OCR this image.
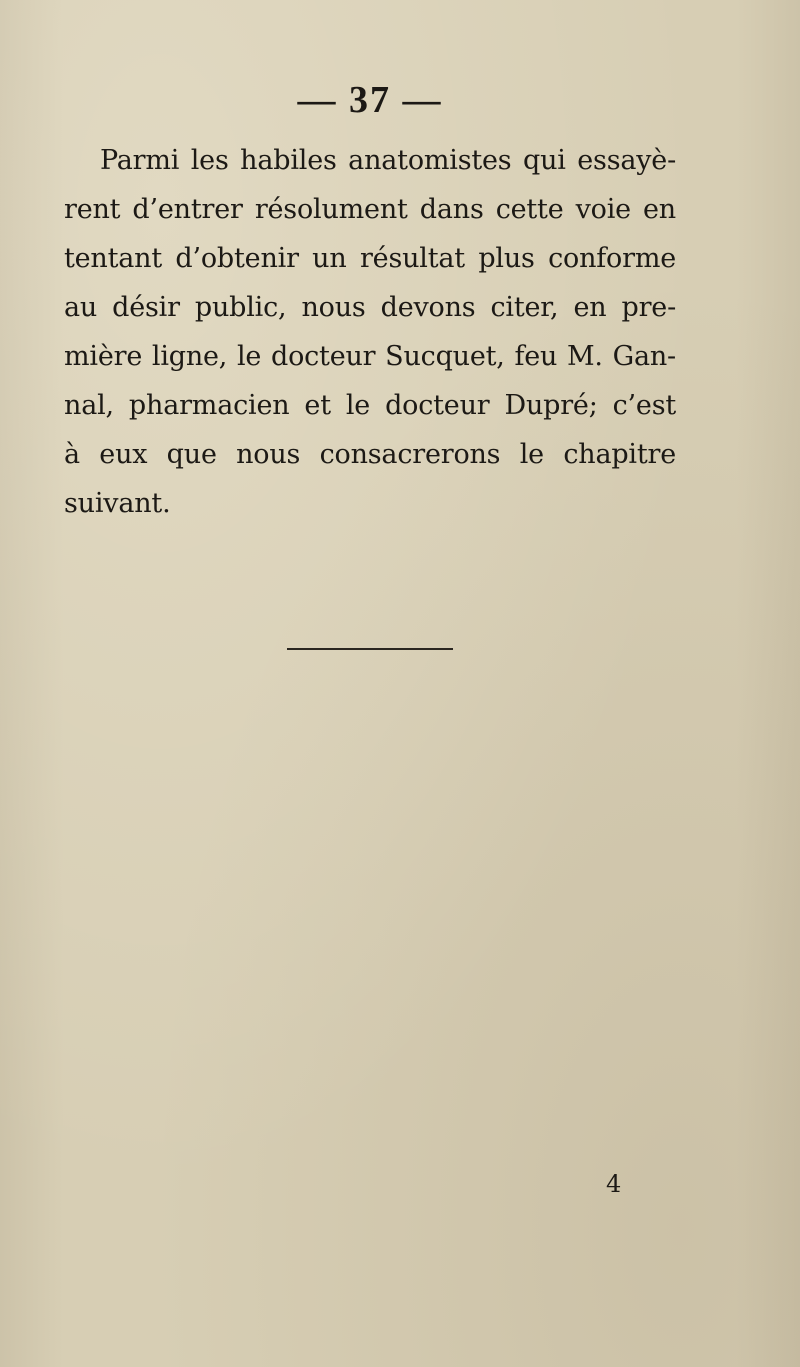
— 37 —
Parmi les habiles anatomistes qui essayè-
rent d’entrer résolument dans cette voie en
tentant d’obtenir un résultat plus conforme
au désir public, nous devons citer, en pre-
mière ligne, le docteur Sucquet, feu M. Gan-
nal, pharmacien et le docteur Dupré; c’est
à eux que nous consacrerons le chapitre
suivant.
4
